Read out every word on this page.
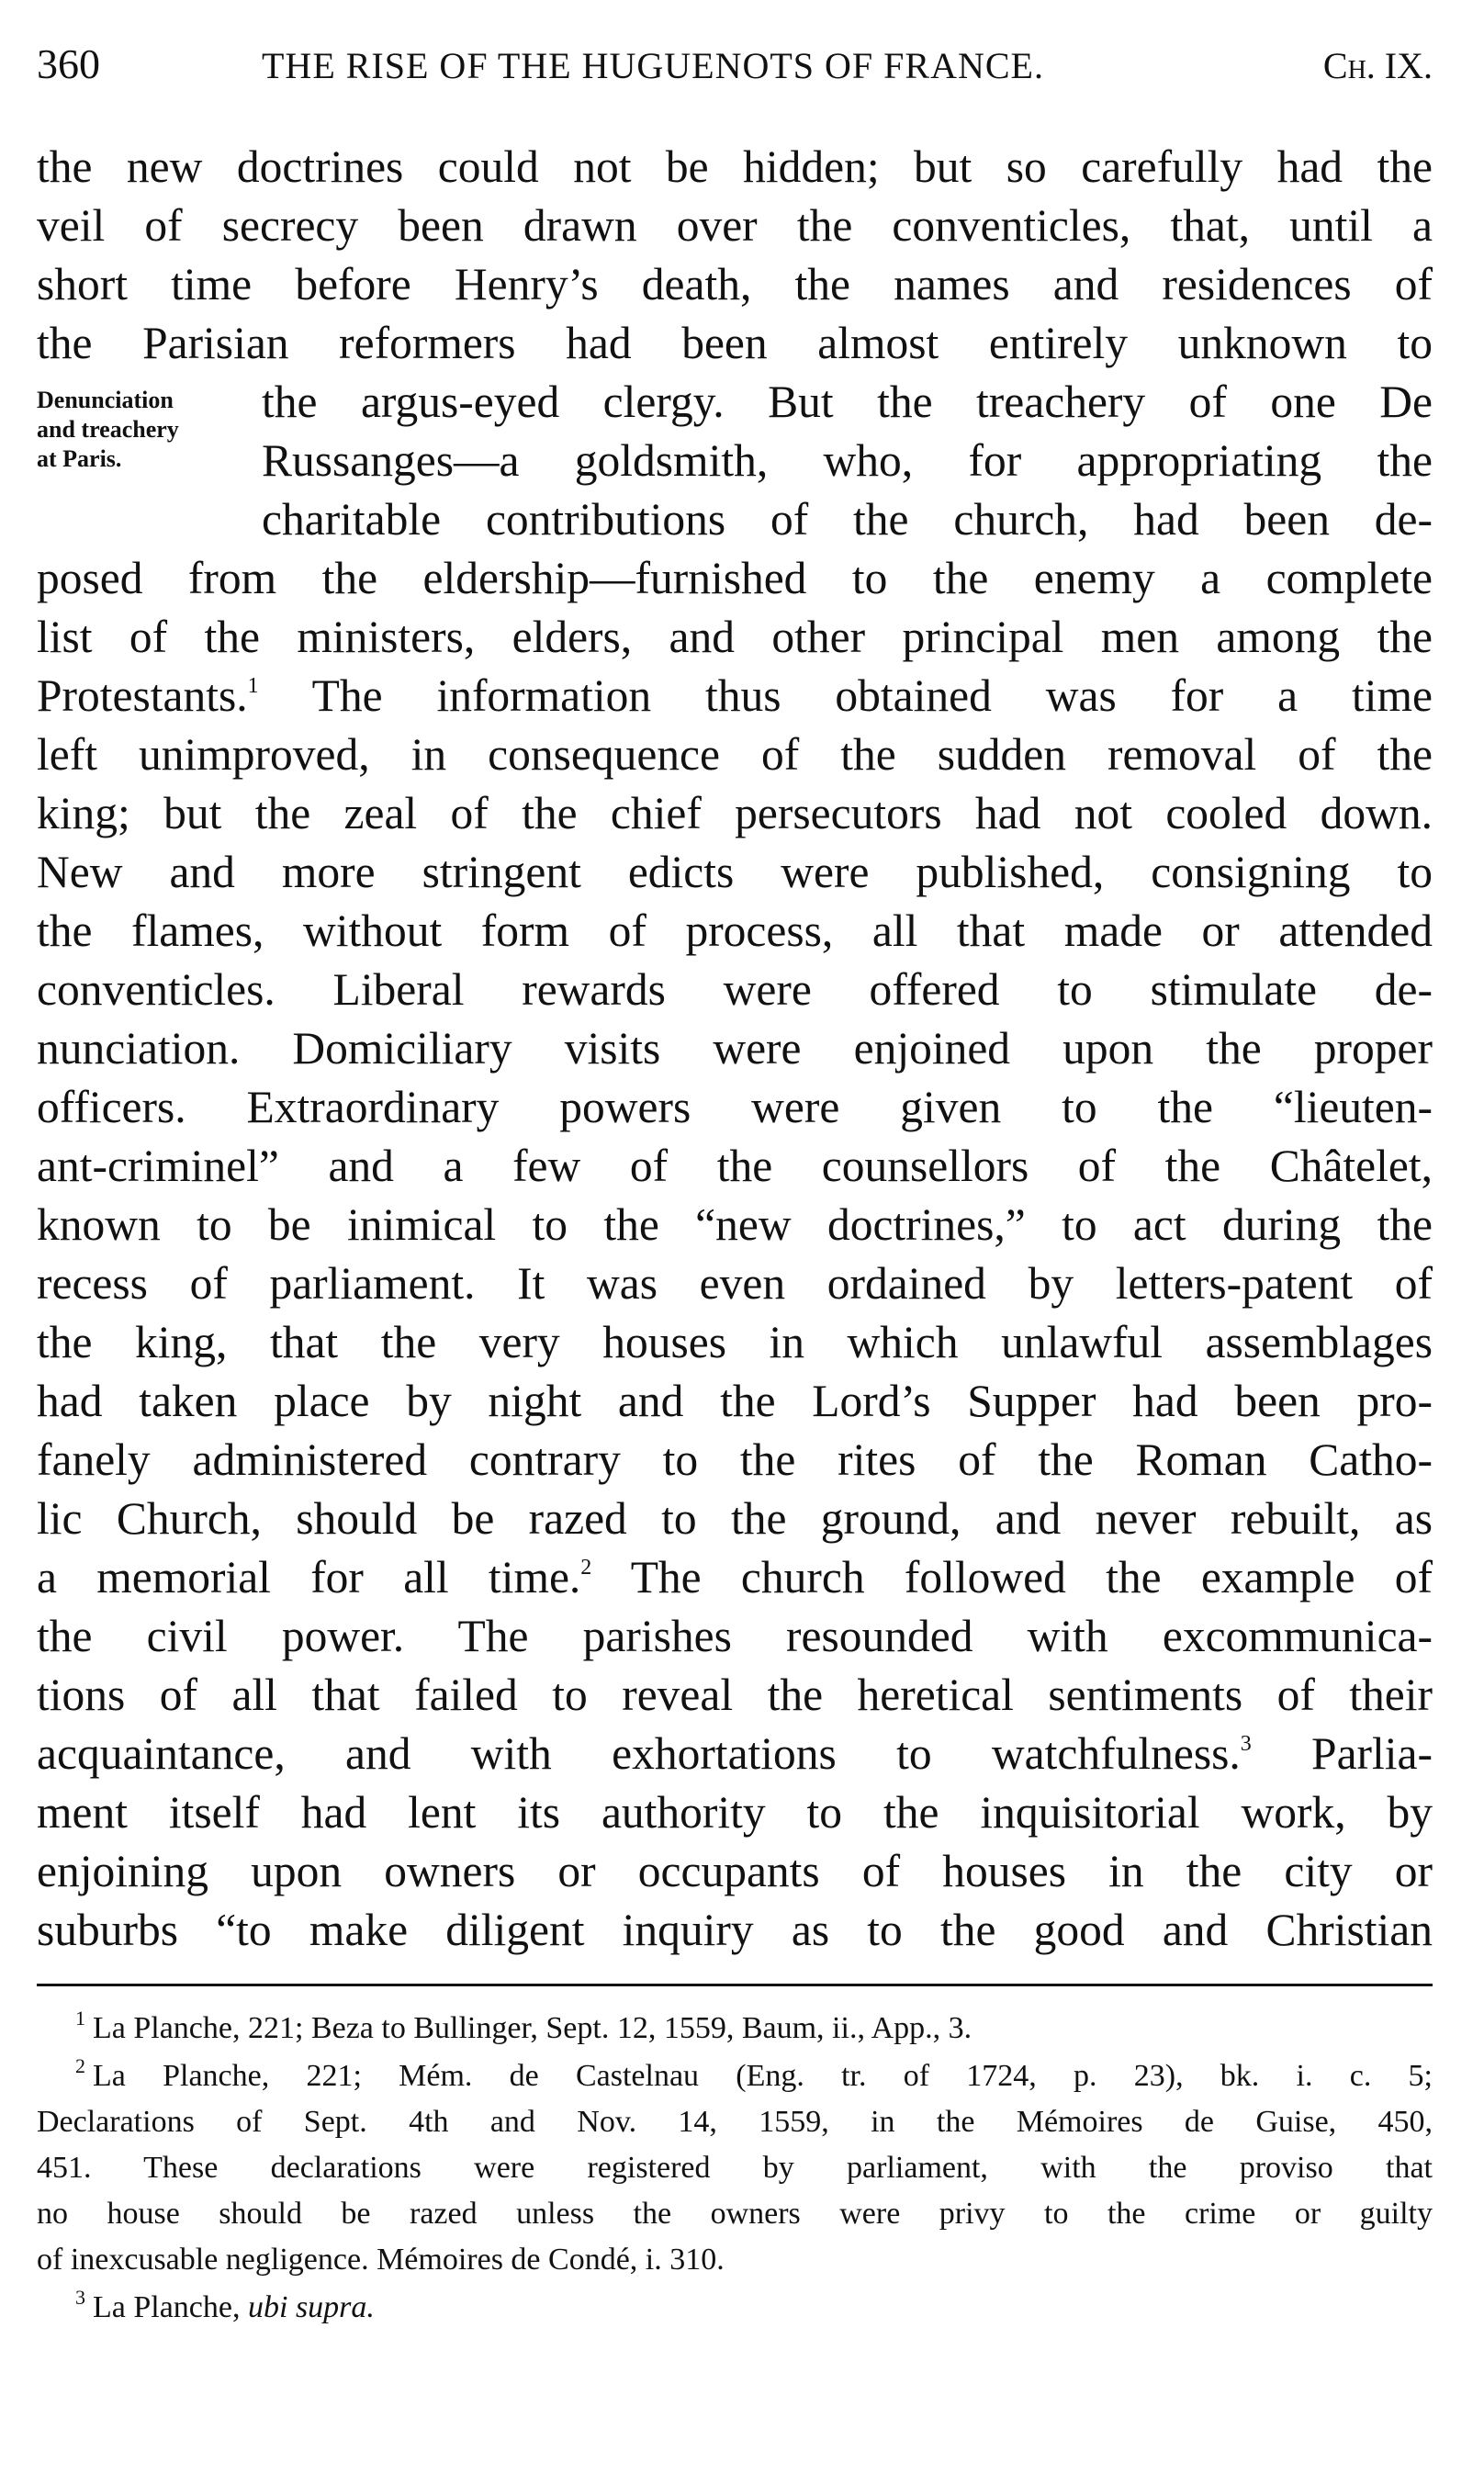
360	THE RISE OF THE HUGUENOTS OF FRANCE.	Ch. IX.
Denunciation
and treachery
at Paris.
the new doctrines could not be hidden; but so carefully had the
veil of secrecy been drawn over the conventicles, that, until a
short time before Henry’s death, the names and residences of
the Parisian reformers had been almost entirely unknown to
the argus-eyed clergy. But the treachery of one De
Russanges—a goldsmith, who, for appropriating the
charitable contributions of the church, had been de-
posed from the eldership—furnished to the enemy a complete
list of the ministers, elders, and other principal men among the
Protestants.$^1$ The information thus obtained was for a time
left unimproved, in consequence of the sudden removal of the
king; but the zeal of the chief persecutors had not cooled down.
New and more stringent edicts were published, consigning to
the flames, without form of process, all that made or attended
conventicles. Liberal rewards were offered to stimulate de-
nunciation. Domiciliary visits were enjoined upon the proper
officers. Extraordinary powers were given to the “lieuten-
ant-criminel” and a few of the counsellors of the Châtelet,
known to be inimical to the “new doctrines,” to act during the
recess of parliament. It was even ordained by letters-patent of
the king, that the very houses in which unlawful assemblages
had taken place by night and the Lord’s Supper had been pro-
fanely administered contrary to the rites of the Roman Catho-
lic Church, should be razed to the ground, and never rebuilt, as
a memorial for all time.$^2$ The church followed the example of
the civil power. The parishes resounded with excommunica-
tions of all that failed to reveal the heretical sentiments of their
acquaintance, and with exhortations to watchfulness.$^3$ Parlia-
ment itself had lent its authority to the inquisitorial work, by
enjoining upon owners or occupants of houses in the city or
suburbs “to make diligent inquiry as to the good and Christian
$^1$ La Planche, 221; Beza to Bullinger, Sept. 12, 1559, Baum, ii., App., 3.
$^2$ La Planche, 221; Mém. de Castelnau (Eng. tr. of 1724, p. 23), bk. i. c. 5;
Declarations of Sept. 4th and Nov. 14, 1559, in the Mémoires de Guise, 450,
451. These declarations were registered by parliament, with the proviso that
no house should be razed unless the owners were privy to the crime or guilty
of inexcusable negligence. Mémoires de Condé, i. 310.
$^3$ La Planche, ubi supra.
